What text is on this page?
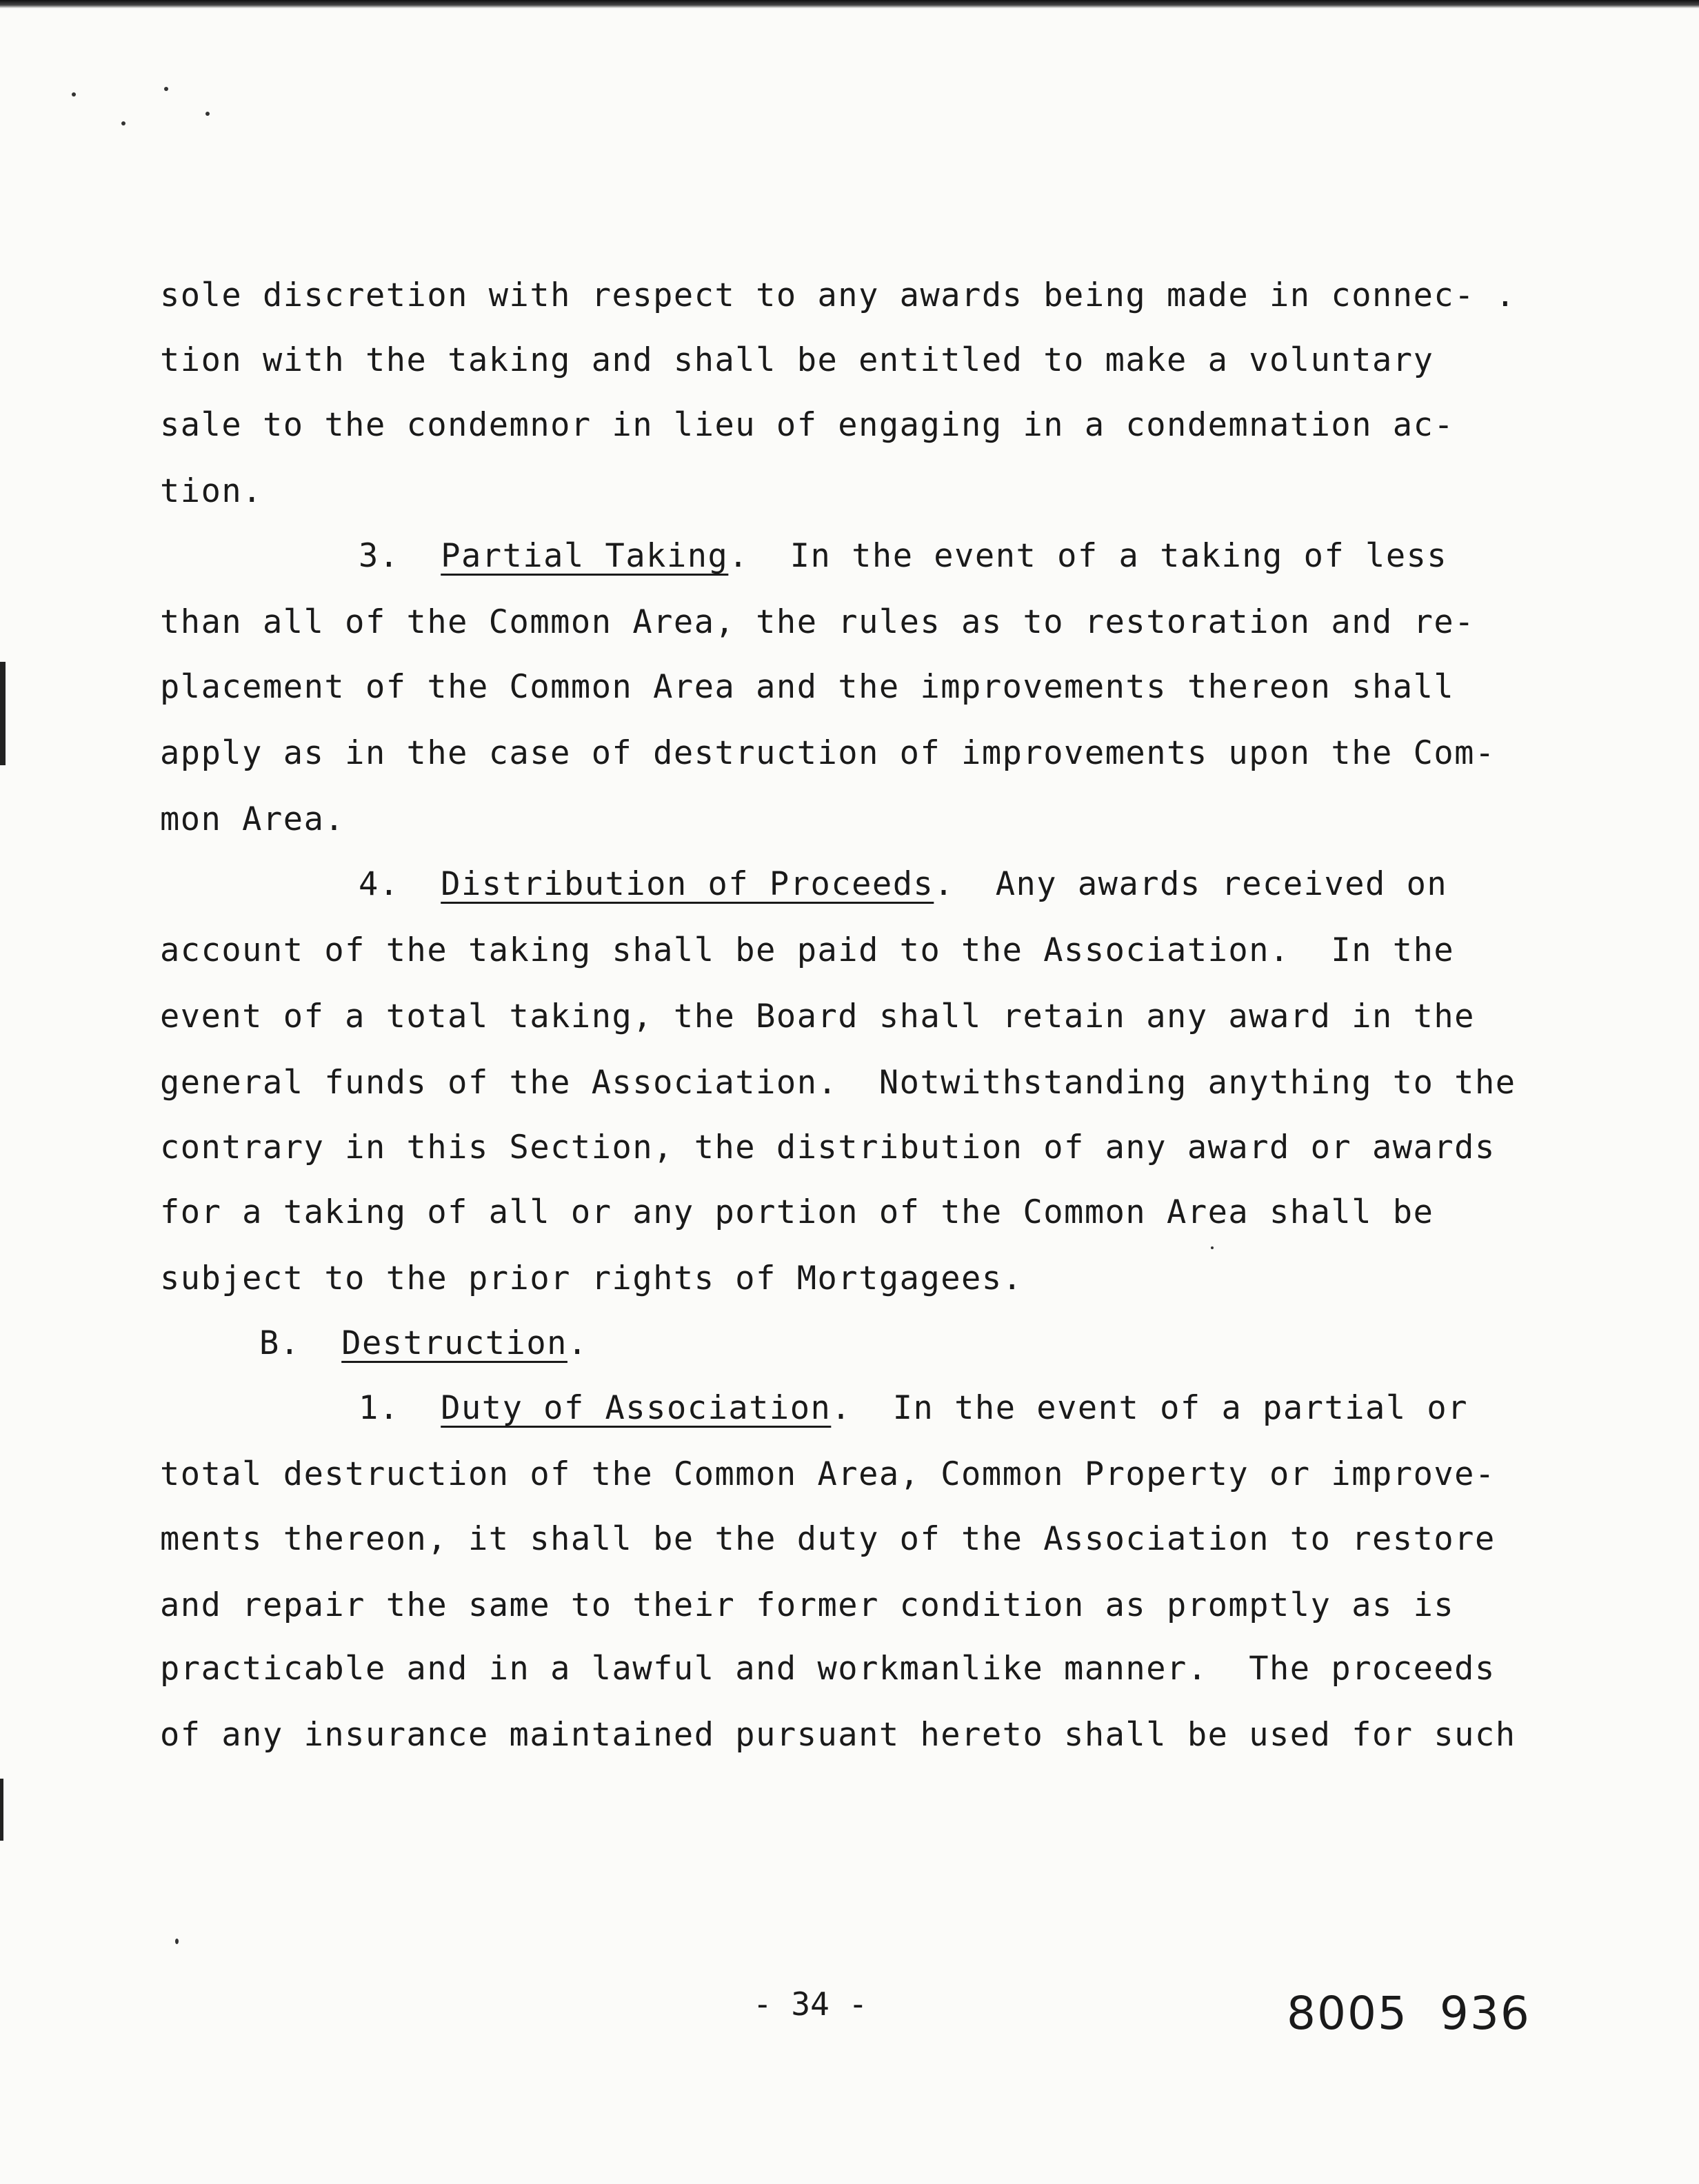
sole discretion with respect to any awards being made in connec- .

tion with the taking and shall be entitled to make a voluntary

sale to the condemnor in lieu of engaging in a condemnation ac-

tion.

3. Partial Taking.  In the event of a taking of less

than all of the Common Area, the rules as to restoration and re-

placement of the Common Area and the improvements thereon shall

apply as in the case of destruction of improvements upon the Com-

mon Area.

4. Distribution of Proceeds.  Any awards received on

account of the taking shall be paid to the Association.  In the

event of a total taking, the Board shall retain any award in the

general funds of the Association.  Notwithstanding anything to the

contrary in this Section, the distribution of any award or awards

for a taking of all or any portion of the Common Area shall be

subject to the prior rights of Mortgagees.

B. Destruction.

1. Duty of Association.  In the event of a partial or

total destruction of the Common Area, Common Property or improve-

ments thereon, it shall be the duty of the Association to restore

and repair the same to their former condition as promptly as is

practicable and in a lawful and workmanlike manner.  The proceeds

of any insurance maintained pursuant hereto shall be used for such

- 34 -	8005  936
